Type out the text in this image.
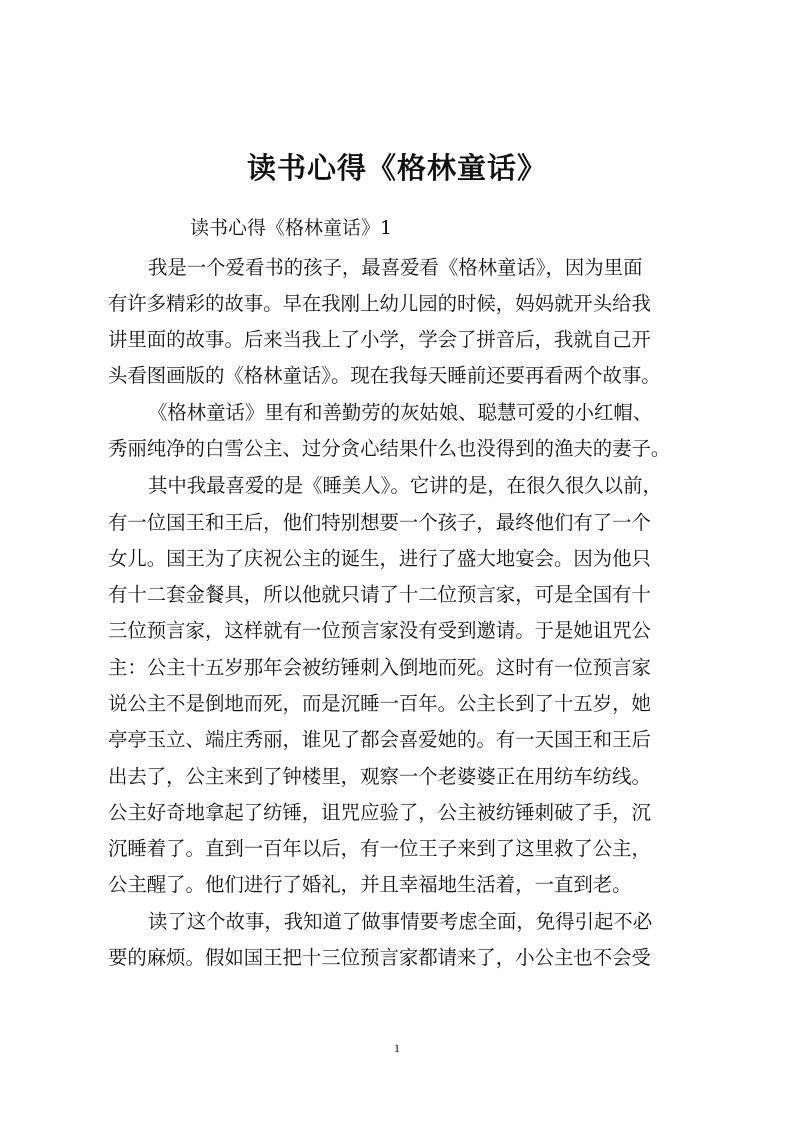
读书心得《格林童话》
读书心得《格林童话》1
我是一个爱看书的孩子，最喜爱看《格林童话》，因为里面
有许多精彩的故事。早在我刚上幼儿园的时候，妈妈就开头给我
讲里面的故事。后来当我上了小学，学会了拼音后，我就自己开
头看图画版的《格林童话》。现在我每天睡前还要再看两个故事。
《格林童话》里有和善勤劳的灰姑娘、聪慧可爱的小红帽、
秀丽纯净的白雪公主、过分贪心结果什么也没得到的渔夫的妻子。
其中我最喜爱的是《睡美人》。它讲的是，在很久很久以前，
有一位国王和王后，他们特别想要一个孩子，最终他们有了一个
女儿。国王为了庆祝公主的诞生，进行了盛大地宴会。因为他只
有十二套金餐具，所以他就只请了十二位预言家，可是全国有十
三位预言家，这样就有一位预言家没有受到邀请。于是她诅咒公
主：公主十五岁那年会被纺锤刺入倒地而死。这时有一位预言家
说公主不是倒地而死，而是沉睡一百年。公主长到了十五岁，她
亭亭玉立、端庄秀丽，谁见了都会喜爱她的。有一天国王和王后
出去了，公主来到了钟楼里，观察一个老婆婆正在用纺车纺线。
公主好奇地拿起了纺锤，诅咒应验了，公主被纺锤刺破了手，沉
沉睡着了。直到一百年以后，有一位王子来到了这里救了公主，
公主醒了。他们进行了婚礼，并且幸福地生活着，一直到老。
读了这个故事，我知道了做事情要考虑全面，免得引起不必
要的麻烦。假如国王把十三位预言家都请来了，小公主也不会受
1
